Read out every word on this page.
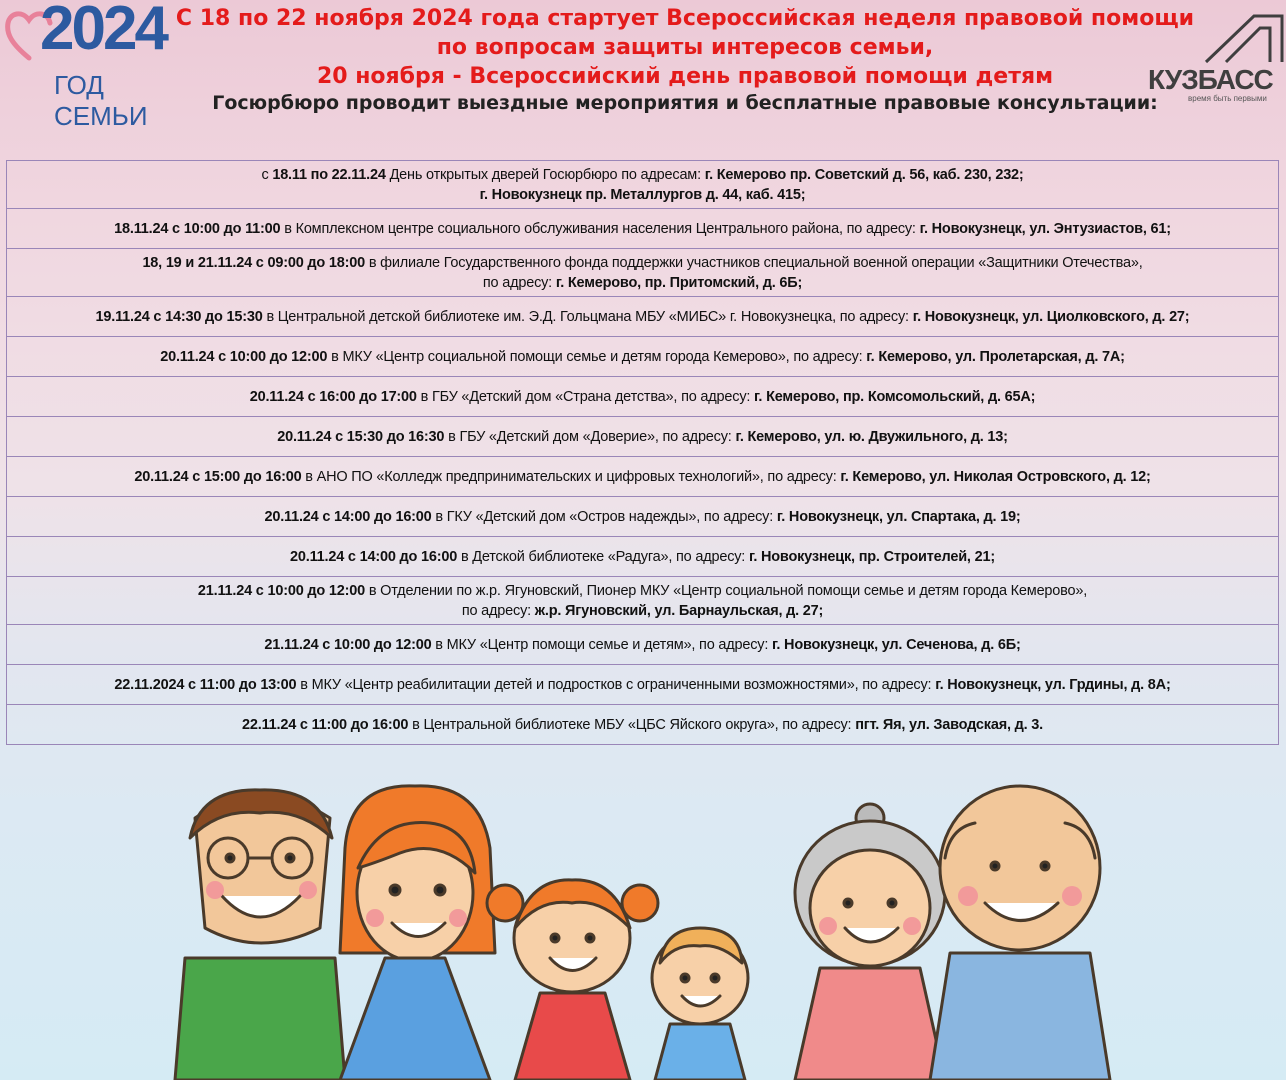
2024
ГОД СЕМЬИ
КУЗБАСС
время быть первыми
С 18 по 22 ноября 2024 года стартует Всероссийская неделя правовой помощи
по вопросам защиты интересов семьи,
20 ноября - Всероссийский день правовой помощи детям
Госюрбюро проводит выездные мероприятия и бесплатные правовые консультации:
с 18.11 по 22.11.24 День открытых дверей Госюрбюро по адресам: г. Кемерово пр. Советский д. 56, каб. 230, 232;
г. Новокузнецк пр. Металлургов д. 44, каб. 415;
18.11.24 с 10:00 до 11:00 в Комплексном центре социального обслуживания населения Центрального района, по адресу: г. Новокузнецк, ул. Энтузиастов, 61;
18, 19 и 21.11.24 с 09:00 до 18:00 в филиале Государственного фонда поддержки участников специальной военной операции «Защитники Отечества»,
по адресу: г. Кемерово, пр. Притомский, д. 6Б;
19.11.24 с 14:30 до 15:30 в Центральной детской библиотеке им. Э.Д. Гольцмана МБУ «МИБС» г. Новокузнецка, по адресу: г. Новокузнецк, ул. Циолковского, д. 27;
20.11.24 с 10:00 до 12:00 в МКУ «Центр социальной помощи семье и детям города Кемерово», по адресу: г. Кемерово, ул. Пролетарская, д. 7А;
20.11.24 с 16:00 до 17:00 в ГБУ «Детский дом «Страна детства», по адресу: г. Кемерово, пр. Комсомольский, д. 65А;
20.11.24 с 15:30 до 16:30 в ГБУ «Детский дом «Доверие», по адресу: г. Кемерово, ул. ю. Двужильного, д. 13;
20.11.24 с 15:00 до 16:00 в АНО ПО «Колледж предпринимательских и цифровых технологий», по адресу: г. Кемерово, ул. Николая Островского, д. 12;
20.11.24 с 14:00 до 16:00 в ГКУ «Детский дом «Остров надежды», по адресу: г. Новокузнецк, ул. Спартака, д. 19;
20.11.24 с 14:00 до 16:00 в Детской библиотеке «Радуга», по адресу: г. Новокузнецк, пр. Строителей, 21;
21.11.24 с 10:00 до 12:00 в Отделении по ж.р. Ягуновский, Пионер МКУ «Центр социальной помощи семье и детям города Кемерово»,
по адресу: ж.р. Ягуновский, ул. Барнаульская, д. 27;
21.11.24 с 10:00 до 12:00 в МКУ «Центр помощи семье и детям», по адресу: г. Новокузнецк, ул. Сеченова, д. 6Б;
22.11.2024 с 11:00 до 13:00 в МКУ «Центр реабилитации детей и подростков с ограниченными возможностями», по адресу: г. Новокузнецк, ул. Грдины, д. 8А;
22.11.24 с 11:00 до 16:00 в Центральной библиотеке МБУ «ЦБС Яйского округа», по адресу: пгт. Яя, ул. Заводская, д. 3.
